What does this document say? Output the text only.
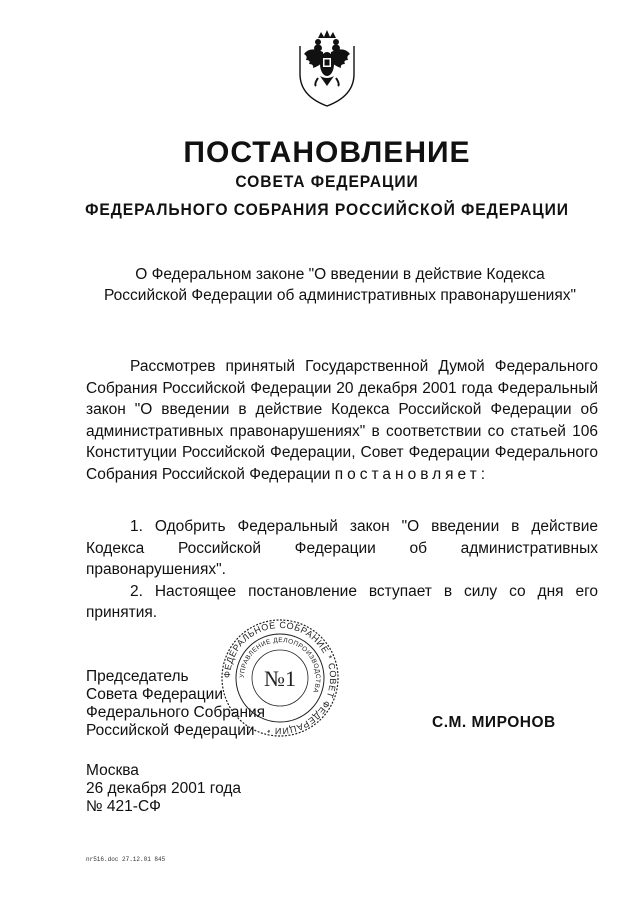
ПОСТАНОВЛЕНИЕ
СОВЕТА ФЕДЕРАЦИИ
ФЕДЕРАЛЬНОГО СОБРАНИЯ РОССИЙСКОЙ ФЕДЕРАЦИИ
О Федеральном законе "О введении в действие Кодекса
Российской Федерации об административных правонарушениях"
Рассмотрев принятый Государственной Думой Федерального Собрания Российской Федерации 20 декабря 2001 года Федеральный закон "О введении в действие Кодекса Российской Федерации об административных правонарушениях" в соответствии со статьей 106 Конституции Российской Федерации, Совет Федерации Федерального Собрания Российской Федерации постановляет:
1. Одобрить Федеральный закон "О введении в действие Кодекса Российской Федерации об административных правонарушениях".
2. Настоящее постановление вступает в силу со дня его принятия.
ФЕДЕРАЛЬНОЕ СОБРАНИЕ * СОВЕТ ФЕДЕРАЦИИ *
УПРАВЛЕНИЕ ДЕЛОПРОИЗВОДСТВА
№1
Председатель
Совета Федерации
Федерального Собрания
Российской Федерации	С.М. МИРОНОВ
Москва
26 декабря 2001 года
№ 421-СФ
nr516.doc 27.12.01 845
